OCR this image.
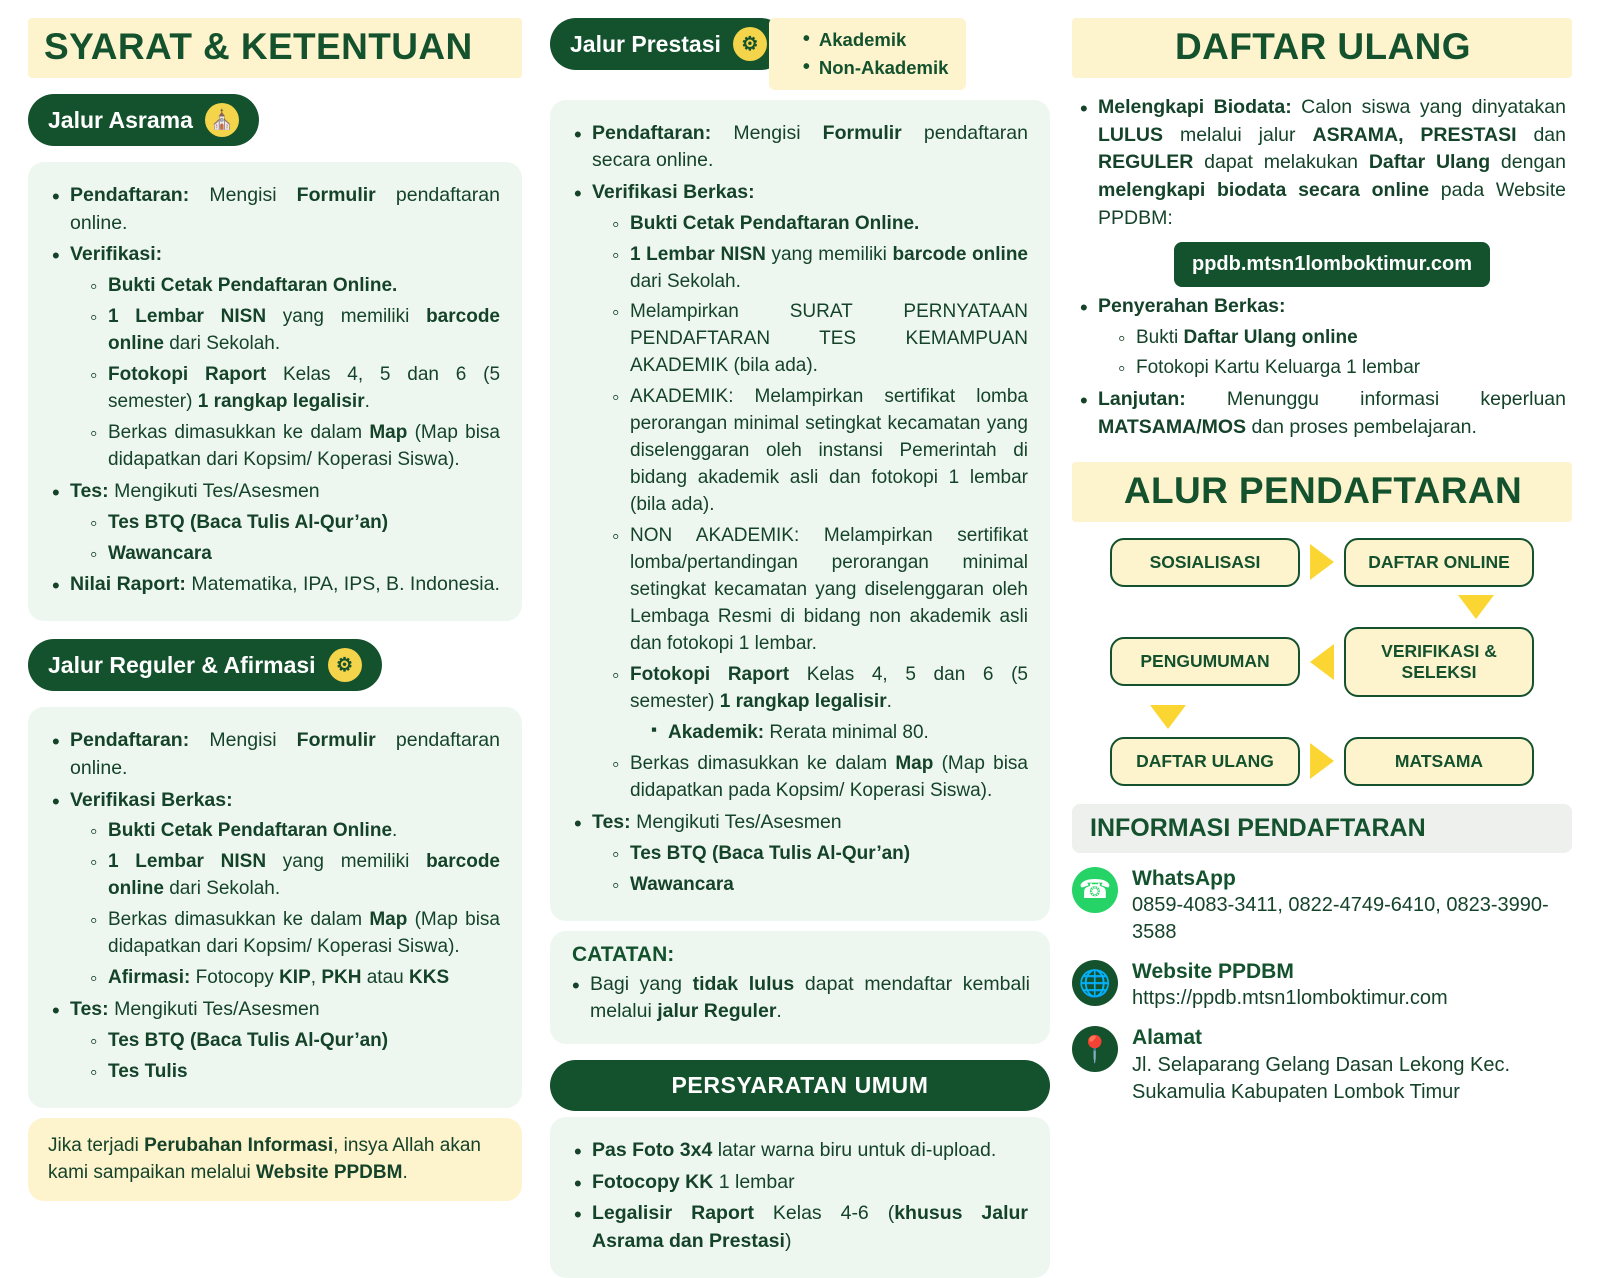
SYARAT & KETENTUAN
Jalur Asrama ⛪
• Pendaftaran: Mengisi Formulir pendaftaran online.
• Verifikasi:
◦ Bukti Cetak Pendaftaran Online.
◦ 1 Lembar NISN yang memiliki barcode online dari Sekolah.
◦ Fotokopi Raport Kelas 4, 5 dan 6 (5 semester) 1 rangkap legalisir.
◦ Berkas dimasukkan ke dalam Map (Map bisa didapatkan dari Kopsim/ Koperasi Siswa).
• Tes: Mengikuti Tes/Asesmen
◦ Tes BTQ (Baca Tulis Al-Qur’an)
◦ Wawancara
• Nilai Raport: Matematika, IPA, IPS, B. Indonesia.
Jalur Reguler & Afirmasi	⚙
• Pendaftaran: Mengisi Formulir pendaftaran online.
• Verifikasi Berkas:
◦ Bukti Cetak Pendaftaran Online.
◦ 1 Lembar NISN yang memiliki barcode online dari Sekolah.
◦ Berkas dimasukkan ke dalam Map (Map bisa didapatkan dari Kopsim/ Koperasi Siswa).
◦ Afirmasi: Fotocopy KIP, PKH atau KKS
• Tes: Mengikuti Tes/Asesmen
◦ Tes BTQ (Baca Tulis Al-Qur’an)
◦ Tes Tulis
Jika terjadi Perubahan Informasi, insya Allah akan kami sampaikan melalui Website PPDBM.
Jalur Prestasi	⚙	• Akademik
• Non-Akademik
• Pendaftaran: Mengisi Formulir pendaftaran secara online.
• Verifikasi Berkas:
◦ Bukti Cetak Pendaftaran Online.
◦ 1 Lembar NISN yang memiliki barcode online dari Sekolah.
◦ Melampirkan SURAT PERNYATAAN PENDAFTARAN TES KEMAMPUAN AKADEMIK (bila ada).
◦ AKADEMIK: Melampirkan sertifikat lomba perorangan minimal setingkat kecamatan yang diselenggaran oleh instansi Pemerintah di bidang akademik asli dan fotokopi 1 lembar (bila ada).
◦ NON AKADEMIK: Melampirkan sertifikat lomba/pertandingan perorangan minimal setingkat kecamatan yang diselenggaran oleh Lembaga Resmi di bidang non akademik asli dan fotokopi 1 lembar.
◦ Fotokopi Raport Kelas 4, 5 dan 6 (5 semester) 1 rangkap legalisir.
▪ Akademik: Rerata minimal 80.
◦ Berkas dimasukkan ke dalam Map (Map bisa didapatkan pada Kopsim/ Koperasi Siswa).
• Tes: Mengikuti Tes/Asesmen
◦ Tes BTQ (Baca Tulis Al-Qur’an)
◦ Wawancara
CATATAN:
• Bagi yang tidak lulus dapat mendaftar kembali melalui jalur Reguler.
PERSYARATAN UMUM
• Pas Foto 3x4 latar warna biru untuk di-upload.
• Fotocopy KK 1 lembar
• Legalisir Raport Kelas 4-6 (khusus Jalur Asrama dan Prestasi)
DAFTAR ULANG
• Melengkapi Biodata: Calon siswa yang dinyatakan LULUS melalui jalur ASRAMA, PRESTASI dan REGULER dapat melakukan Daftar Ulang dengan melengkapi biodata secara online pada Website PPDBM:
ppdb.mtsn1lomboktimur.com
• Penyerahan Berkas:
◦ Bukti Daftar Ulang online
◦ Fotokopi Kartu Keluarga 1 lembar
• Lanjutan: Menunggu informasi keperluan MATSAMA/MOS dan proses pembelajaran.
ALUR PENDAFTARAN
SOSIALISASI	DAFTAR ONLINE
PENGUMUMAN
VERIFIKASI & SELEKSI
DAFTAR ULANG	MATSAMA
INFORMASI PENDAFTARAN
☎ WhatsApp
0859-4083-3411, 0822-4749-6410, 0823-3990-3588
🌐 Website PPDBM
https://ppdb.mtsn1lomboktimur.com
📍 Alamat
Jl. Selaparang Gelang Dasan Lekong Kec. Sukamulia Kabupaten Lombok Timur
